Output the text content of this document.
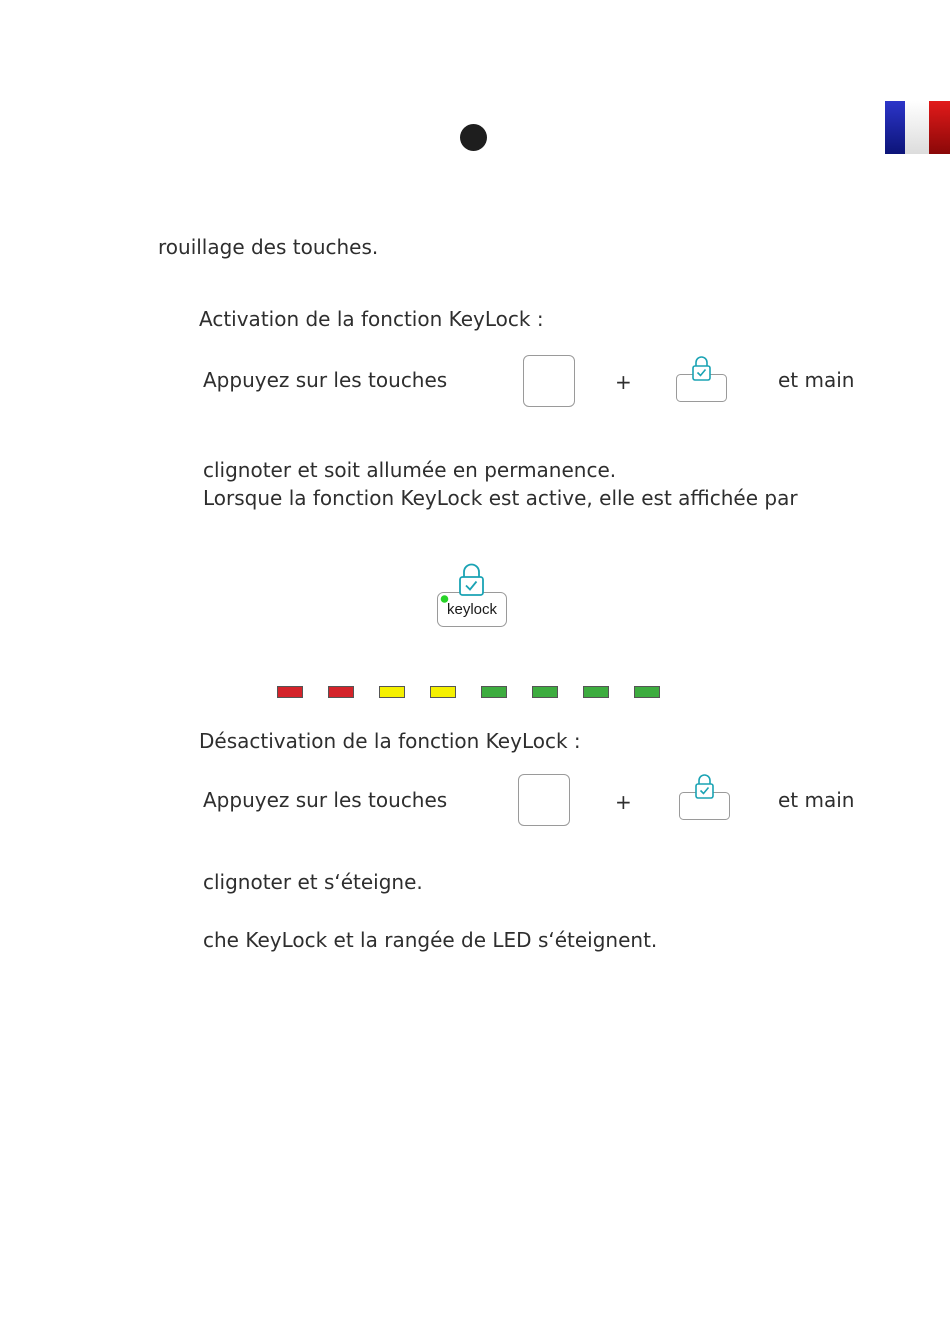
rouillage des touches.
Activation de la fonction KeyLock :
Appuyez sur les touches	+	et main
clignoter et soit allumée en permanence.
Lorsque la fonction KeyLock est active, elle est affichée par
keylock
Désactivation de la fonction KeyLock :
Appuyez sur les touches	+	et main
clignoter et s‘éteigne.
che KeyLock et la rangée de LED s‘éteignent.
